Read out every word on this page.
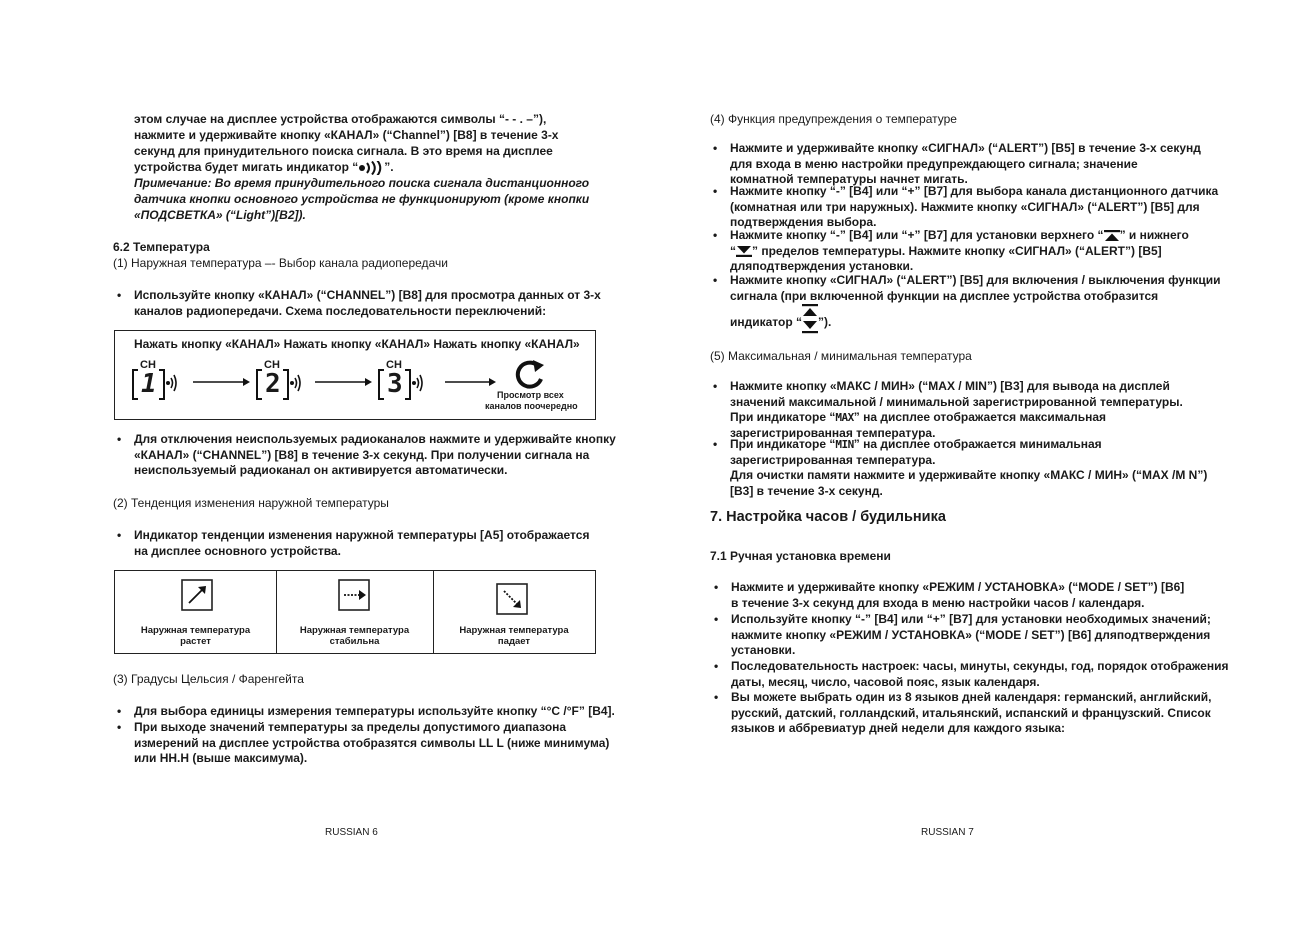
этом случае на дисплее устройства отображаются символы “- - . –”),
нажмите и удерживайте кнопку «КАНАЛ» (“Channel”) [B8] в течение 3-х
секунд для принудительного поиска сигнала. В это время на дисплее
устройства будет мигать индикатор “ ”.
Примечание: Во время принудительного поиска сигнала дистанционного
датчика кнопки основного устройства не функционируют (кроме кнопки
«ПОДСВЕТКА» (“Light”)[B2]).
6.2 Температура
(1) Наружная температура –- Выбор канала радиопередачи
• Используйте кнопку «КАНАЛ» (“CHANNEL”) [B8] для просмотра данных от 3-х
каналов радиопередачи. Схема последовательности переключений:
Нажать кнопку «КАНАЛ» Нажать кнопку «КАНАЛ» Нажать кнопку «КАНАЛ»
CH
1
CH
2
CH
3	Просмотр всех
каналов поочередно
• Для отключения неиспользуемых радиоканалов нажмите и удерживайте кнопку
«КАНАЛ» (“CHANNEL”) [B8] в течение 3-х секунд. При получении сигнала на
неиспользуемый радиоканал он активируется автоматически.
(2) Тенденция изменения наружной температуры
• Индикатор тенденции изменения наружной температуры [A5] отображается
на дисплее основного устройства.
Наружная температура
растет
Наружная температура
стабильна
Наружная температура
падает
(3) Градусы Цельсия / Фаренгейта
• Для выбора единицы измерения температуры используйте кнопку “°C /°F” [B4].
• При выходе значений температуры за пределы допустимого диапазона
измерений на дисплее устройства отобразятся символы LL L (ниже минимума)
или HH.H (выше максимума).
RUSSIAN 6
(4) Функция предупреждения о температуре
• Нажмите и удерживайте кнопку «СИГНАЛ» (“ALERT”) [B5] в течение 3-х секунд
для входа в меню настройки предупреждающего сигнала; значение
комнатной температуры начнет мигать.
• Нажмите кнопку “-” [B4] или “+” [B7] для выбора канала дистанционного датчика
(комнатная или три наружных). Нажмите кнопку «СИГНАЛ» (“ALERT”) [B5] для
подтверждения выбора.
• Нажмите кнопку “-” [B4] или “+” [B7] для установки верхнего “ ” и нижнего
“ ” пределов температуры. Нажмите кнопку «СИГНАЛ» (“ALERT”) [B5]
дляподтверждения установки.
• Нажмите кнопку «СИГНАЛ» (“ALERT”) [B5] для включения / выключения функции
сигнала (при включенной функции на дисплее устройства отобразится
индикатор “ ”).
(5) Максимальная / минимальная температура
• Нажмите кнопку «МАКС / МИН» (“MAX / MIN”) [B3] для вывода на дисплей
значений максимальной / минимальной зарегистрированной температуры.
При индикаторе “MAX” на дисплее отображается максимальная
зарегистрированная температура.
• При индикаторе “MIN” на дисплее отображается минимальная
зарегистрированная температура.
Для очистки памяти нажмите и удерживайте кнопку «МАКС / МИН» (“MAX /M N”)
[B3] в течение 3-х секунд.
7. Настройка часов / будильника
7.1 Ручная установка времени
• Нажмите и удерживайте кнопку «РЕЖИМ / УСТАНОВКА» (“MODE / SET”) [B6]
в течение 3-х секунд для входа в меню настройки часов / календаря.
• Используйте кнопку “-” [B4] или “+” [B7] для установки необходимых значений;
нажмите кнопку «РЕЖИМ / УСТАНОВКА» (“MODE / SET”) [B6] дляподтверждения
установки.
• Последовательность настроек: часы, минуты, секунды, год, порядок отображения
даты, месяц, число, часовой пояс, язык календаря.
• Вы можете выбрать один из 8 языков дней календаря: германский, английский,
русский, датский, голландский, итальянский, испанский и французский. Список
языков и аббревиатур дней недели для каждого языка:
RUSSIAN 7
